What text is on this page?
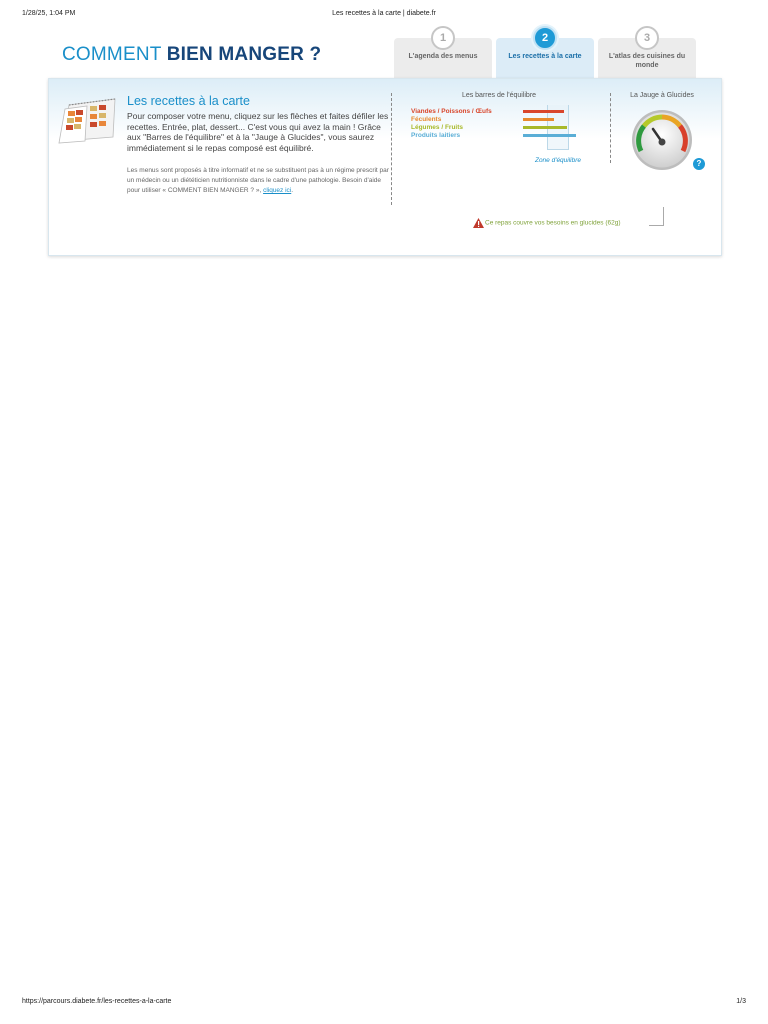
1/28/25, 1:04 PM	Les recettes à la carte | diabete.fr
COMMENT BIEN MANGER ?
1
L'agenda des menus
2
Les recettes à la carte
3
L'atlas des cuisines du monde
Les recettes à la carte
Pour composer votre menu, cliquez sur les flèches et faites défiler les recettes. Entrée, plat, dessert... C'est vous qui avez la main ! Grâce aux "Barres de l'équilibre" et à la "Jauge à Glucides", vous saurez immédiatement si le repas composé est équilibré.
Les menus sont proposés à titre informatif et ne se substituent pas à un régime prescrit par un médecin ou un diététicien nutritionniste dans le cadre d'une pathologie. Besoin d'aide pour utiliser « COMMENT BIEN MANGER ? », cliquez ici.
Les barres de l'équilibre
Viandes / Poissons / Œufs
Féculents
Légumes / Fruits
Produits laitiers
Zone d'équilibre
La Jauge à Glucides
?
Ce repas couvre vos besoins en glucides (62g)
https://parcours.diabete.fr/les-recettes-a-la-carte	1/3
